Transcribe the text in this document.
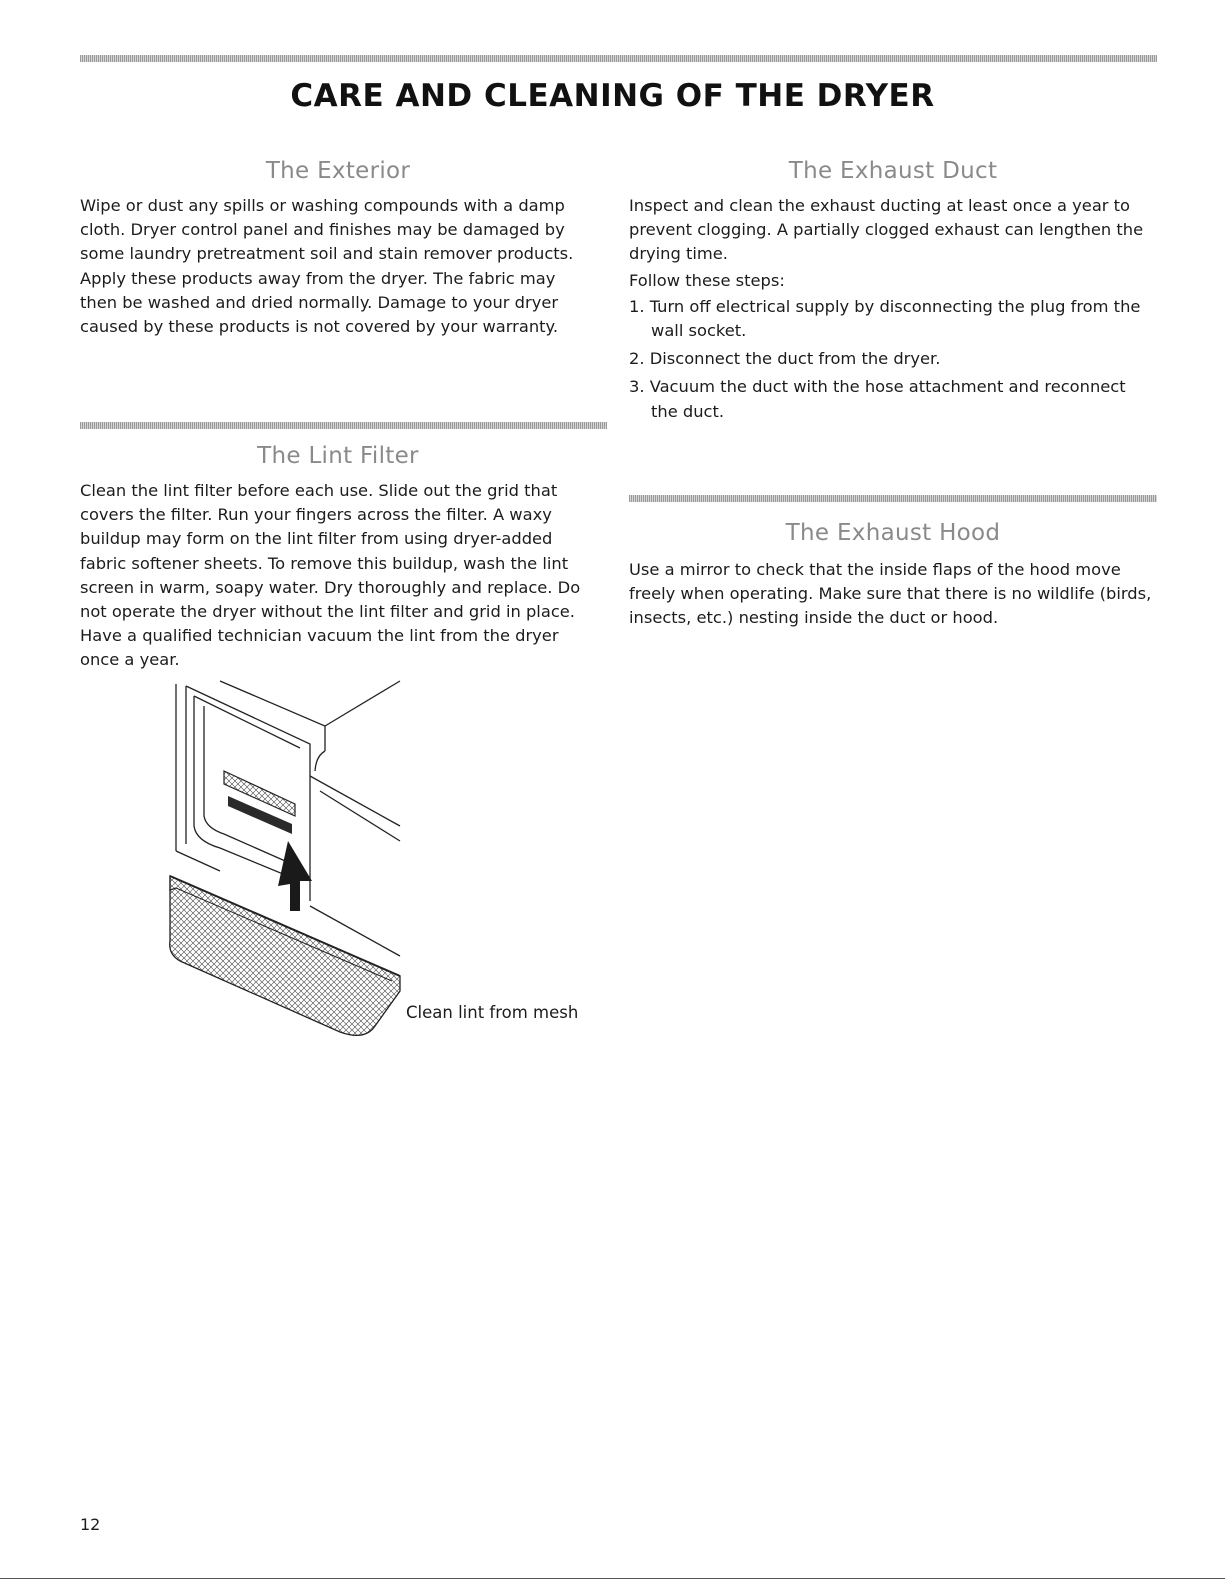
CARE AND CLEANING OF THE DRYER
The Exterior

Wipe or dust any spills or washing compounds with a damp cloth. Dryer control panel and finishes may be damaged by some laundry pretreatment soil and stain remover products. Apply these products away from the dryer. The fabric may then be washed and dried normally. Damage to your dryer caused by these products is not covered by your warranty.

The Lint Filter

Clean the lint filter before each use. Slide out the grid that covers the filter. Run your fingers across the filter. A waxy buildup may form on the lint filter from using dryer-added fabric softener sheets. To remove this buildup, wash the lint screen in warm, soapy water. Dry thoroughly and replace. Do not operate the dryer without the lint filter and grid in place. Have a qualified technician vacuum the lint from the dryer once a year.

Clean lint from mesh
The Exhaust Duct

Inspect and clean the exhaust ducting at least once a year to prevent clogging. A partially clogged exhaust can lengthen the drying time.

Follow these steps:

1. Turn off electrical supply by disconnecting the plug from the wall socket.
2. Disconnect the duct from the dryer.
3. Vacuum the duct with the hose attachment and reconnect the duct.
The Exhaust Hood

Use a mirror to check that the inside flaps of the hood move freely when operating. Make sure that there is no wildlife (birds, insects, etc.) nesting inside the duct or hood.

12
